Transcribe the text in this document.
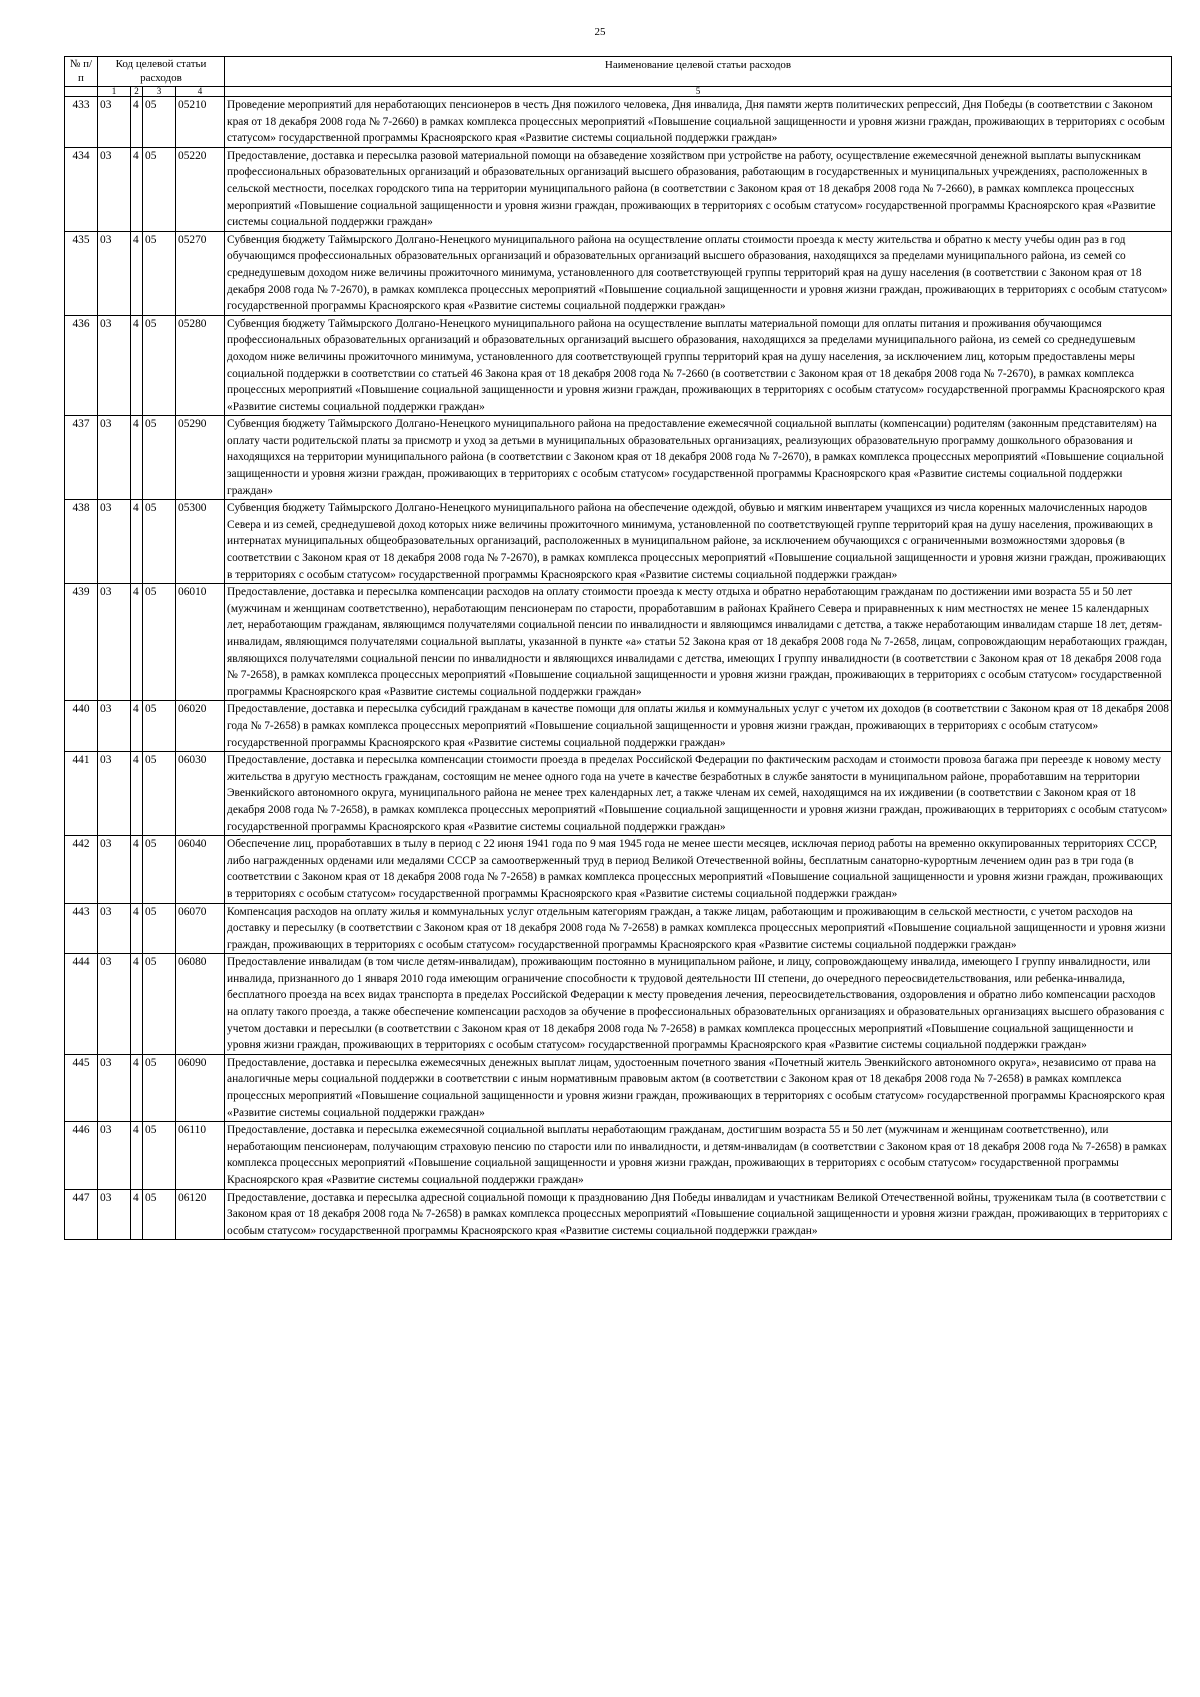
25
№ п/п	Код целевой статьи расходов				Наименование целевой статьи расходов
	1	2	3	4	5
433	03	4	05	05210	Проведение мероприятий для неработающих пенсионеров в честь Дня пожилого человека, Дня инвалида, Дня памяти жертв политических репрессий, Дня Победы (в соответствии с Законом края от 18 декабря 2008 года № 7-2660) в рамках комплекса процессных мероприятий «Повышение социальной защищенности и уровня жизни граждан, проживающих в территориях с особым статусом» государственной программы Красноярского края «Развитие системы социальной поддержки граждан»
434	03	4	05	05220	Предоставление, доставка и пересылка разовой материальной помощи на обзаведение хозяйством при устройстве на работу, осуществление ежемесячной денежной выплаты выпускникам профессиональных образовательных организаций и образовательных организаций высшего образования, работающим в государственных и муниципальных учреждениях, расположенных в сельской местности, поселках городского типа на территории муниципального района (в соответствии с Законом края от 18 декабря 2008 года № 7-2660), в рамках комплекса процессных мероприятий «Повышение социальной защищенности и уровня жизни граждан, проживающих в территориях с особым статусом» государственной программы Красноярского края «Развитие системы социальной поддержки граждан»
435	03	4	05	05270	Субвенция бюджету Таймырского Долгано-Ненецкого муниципального района на осуществление оплаты стоимости проезда к месту жительства и обратно к месту учебы один раз в год обучающимся профессиональных образовательных организаций и образовательных организаций высшего образования, находящихся за пределами муниципального района, из семей со среднедушевым доходом ниже величины прожиточного минимума, установленного для соответствующей группы территорий края на душу населения (в соответствии с Законом края от 18 декабря 2008 года № 7-2670), в рамках комплекса процессных мероприятий «Повышение социальной защищенности и уровня жизни граждан, проживающих в территориях с особым статусом» государственной программы Красноярского края «Развитие системы социальной поддержки граждан»
436	03	4	05	05280	Субвенция бюджету Таймырского Долгано-Ненецкого муниципального района на осуществление выплаты материальной помощи для оплаты питания и проживания обучающимся профессиональных образовательных организаций и образовательных организаций высшего образования, находящихся за пределами муниципального района, из семей со среднедушевым доходом ниже величины прожиточного минимума, установленного для соответствующей группы территорий края на душу населения, за исключением лиц, которым предоставлены меры социальной поддержки в соответствии со статьей 46 Закона края от 18 декабря 2008 года № 7-2660 (в соответствии с Законом края от 18 декабря 2008 года № 7-2670), в рамках комплекса процессных мероприятий «Повышение социальной защищенности и уровня жизни граждан, проживающих в территориях с особым статусом» государственной программы Красноярского края «Развитие системы социальной поддержки граждан»
437	03	4	05	05290	Субвенция бюджету Таймырского Долгано-Ненецкого муниципального района на предоставление ежемесячной социальной выплаты (компенсации) родителям (законным представителям) на оплату части родительской платы за присмотр и уход за детьми в муниципальных образовательных организациях, реализующих образовательную программу дошкольного образования и находящихся на территории муниципального района (в соответствии с Законом края от 18 декабря 2008 года № 7-2670), в рамках комплекса процессных мероприятий «Повышение социальной защищенности и уровня жизни граждан, проживающих в территориях с особым статусом» государственной программы Красноярского края «Развитие системы социальной поддержки граждан»
438	03	4	05	05300	Субвенция бюджету Таймырского Долгано-Ненецкого муниципального района на обеспечение одеждой, обувью и мягким инвентарем учащихся из числа коренных малочисленных народов Севера и из семей, среднедушевой доход которых ниже величины прожиточного минимума, установленной по соответствующей группе территорий края на душу населения, проживающих в интернатах муниципальных общеобразовательных организаций, расположенных в муниципальном районе, за исключением обучающихся с ограниченными возможностями здоровья (в соответствии с Законом края от 18 декабря 2008 года № 7-2670), в рамках комплекса процессных мероприятий «Повышение социальной защищенности и уровня жизни граждан, проживающих в территориях с особым статусом» государственной программы Красноярского края «Развитие системы социальной поддержки граждан»
439	03	4	05	06010	Предоставление, доставка и пересылка компенсации расходов на оплату стоимости проезда к месту отдыха и обратно неработающим гражданам по достижении ими возраста 55 и 50 лет (мужчинам и женщинам соответственно), неработающим пенсионерам по старости, проработавшим в районах Крайнего Севера и приравненных к ним местностях не менее 15 календарных лет, неработающим гражданам, являющимся получателями социальной пенсии по инвалидности и являющимся инвалидами с детства, а также неработающим инвалидам старше 18 лет, детям-инвалидам, являющимся получателями социальной выплаты, указанной в пункте «а» статьи 52 Закона края от 18 декабря 2008 года № 7-2658, лицам, сопровождающим неработающих граждан, являющихся получателями социальной пенсии по инвалидности и являющихся инвалидами с детства, имеющих I группу инвалидности (в соответствии с Законом края от 18 декабря 2008 года № 7-2658), в рамках комплекса процессных мероприятий «Повышение социальной защищенности и уровня жизни граждан, проживающих в территориях с особым статусом» государственной программы Красноярского края «Развитие системы социальной поддержки граждан»
440	03	4	05	06020	Предоставление, доставка и пересылка субсидий гражданам в качестве помощи для оплаты жилья и коммунальных услуг с учетом их доходов (в соответствии с Законом края от 18 декабря 2008 года № 7-2658) в рамках комплекса процессных мероприятий «Повышение социальной защищенности и уровня жизни граждан, проживающих в территориях с особым статусом» государственной программы Красноярского края «Развитие системы социальной поддержки граждан»
441	03	4	05	06030	Предоставление, доставка и пересылка компенсации стоимости проезда в пределах Российской Федерации по фактическим расходам и стоимости провоза багажа при переезде к новому месту жительства в другую местность гражданам, состоящим не менее одного года на учете в качестве безработных в службе занятости в муниципальном районе, проработавшим на территории Эвенкийского автономного округа, муниципального района не менее трех календарных лет, а также членам их семей, находящимся на их иждивении (в соответствии с Законом края от 18 декабря 2008 года № 7-2658), в рамках комплекса процессных мероприятий «Повышение социальной защищенности и уровня жизни граждан, проживающих в территориях с особым статусом» государственной программы Красноярского края «Развитие системы социальной поддержки граждан»
442	03	4	05	06040	Обеспечение лиц, проработавших в тылу в период с 22 июня 1941 года по 9 мая 1945 года не менее шести месяцев, исключая период работы на временно оккупированных территориях СССР, либо награжденных орденами или медалями СССР за самоотверженный труд в период Великой Отечественной войны, бесплатным санаторно-курортным лечением один раз в три года (в соответствии с Законом края от 18 декабря 2008 года № 7-2658) в рамках комплекса процессных мероприятий «Повышение социальной защищенности и уровня жизни граждан, проживающих в территориях с особым статусом» государственной программы Красноярского края «Развитие системы социальной поддержки граждан»
443	03	4	05	06070	Компенсация расходов на оплату жилья и коммунальных услуг отдельным категориям граждан, а также лицам, работающим и проживающим в сельской местности, с учетом расходов на доставку и пересылку (в соответствии с Законом края от 18 декабря 2008 года № 7-2658) в рамках комплекса процессных мероприятий «Повышение социальной защищенности и уровня жизни граждан, проживающих в территориях с особым статусом» государственной программы Красноярского края «Развитие системы социальной поддержки граждан»
444	03	4	05	06080	Предоставление инвалидам (в том числе детям-инвалидам), проживающим постоянно в муниципальном районе, и лицу, сопровождающему инвалида, имеющего I группу инвалидности, или инвалида, признанного до 1 января 2010 года имеющим ограничение способности к трудовой деятельности III степени, до очередного переосвидетельствования, или ребенка-инвалида, бесплатного проезда на всех видах транспорта в пределах Российской Федерации к месту проведения лечения, переосвидетельствования, оздоровления и обратно либо компенсации расходов на оплату такого проезда, а также обеспечение компенсации расходов за обучение в профессиональных образовательных организациях и образовательных организациях высшего образования с учетом доставки и пересылки (в соответствии с Законом края от 18 декабря 2008 года № 7-2658) в рамках комплекса процессных мероприятий «Повышение социальной защищенности и уровня жизни граждан, проживающих в территориях с особым статусом» государственной программы Красноярского края «Развитие системы социальной поддержки граждан»
445	03	4	05	06090	Предоставление, доставка и пересылка ежемесячных денежных выплат лицам, удостоенным почетного звания «Почетный житель Эвенкийского автономного округа», независимо от права на аналогичные меры социальной поддержки в соответствии с иным нормативным правовым актом (в соответствии с Законом края от 18 декабря 2008 года № 7-2658) в рамках комплекса процессных мероприятий «Повышение социальной защищенности и уровня жизни граждан, проживающих в территориях с особым статусом» государственной программы Красноярского края «Развитие системы социальной поддержки граждан»
446	03	4	05	06110	Предоставление, доставка и пересылка ежемесячной социальной выплаты неработающим гражданам, достигшим возраста 55 и 50 лет (мужчинам и женщинам соответственно), или неработающим пенсионерам, получающим страховую пенсию по старости или по инвалидности, и детям-инвалидам (в соответствии с Законом края от 18 декабря 2008 года № 7-2658) в рамках комплекса процессных мероприятий «Повышение социальной защищенности и уровня жизни граждан, проживающих в территориях с особым статусом» государственной программы Красноярского края «Развитие системы социальной поддержки граждан»
447	03	4	05	06120	Предоставление, доставка и пересылка адресной социальной помощи к празднованию Дня Победы инвалидам и участникам Великой Отечественной войны, труженикам тыла (в соответствии с Законом края от 18 декабря 2008 года № 7-2658) в рамках комплекса процессных мероприятий «Повышение социальной защищенности и уровня жизни граждан, проживающих в территориях с особым статусом» государственной программы Красноярского края «Развитие системы социальной поддержки граждан»
